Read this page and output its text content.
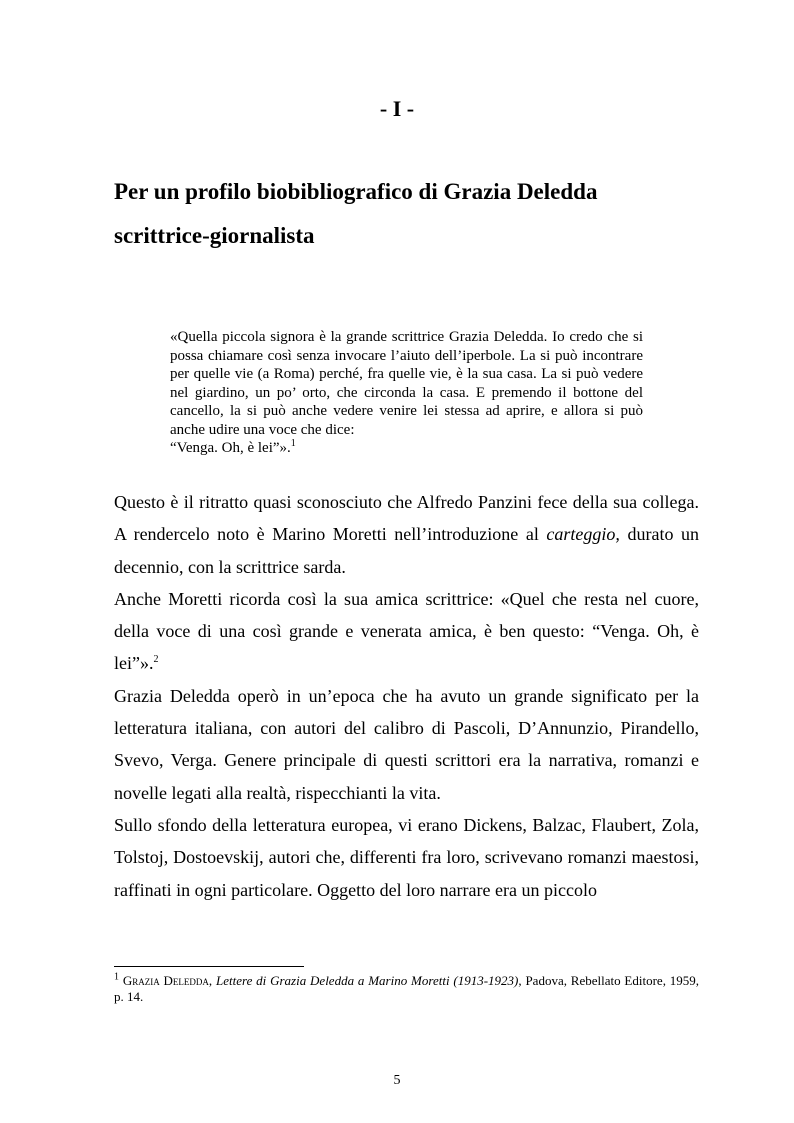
- I -
Per un profilo biobibliografico di Grazia Deledda
scrittrice-giornalista

«Quella piccola signora è la grande scrittrice Grazia Deledda. Io credo che si possa chiamare così senza invocare l’aiuto dell’iperbole. La si può incontrare per quelle vie (a Roma) perché, fra quelle vie, è la sua casa. La si può vedere nel giardino, un po’ orto, che circonda la casa. E premendo il bottone del cancello, la si può anche vedere venire lei stessa ad aprire, e allora si può anche udire una voce che dice:

“Venga. Oh, è lei”».$^1$

Questo è il ritratto quasi sconosciuto che Alfredo Panzini fece della sua collega. A rendercelo noto è Marino Moretti nell’introduzione al carteggio, durato un decennio, con la scrittrice sarda.

Anche Moretti ricorda così la sua amica scrittrice: «Quel che resta nel cuore, della voce di una così grande e venerata amica, è ben questo: “Venga. Oh, è lei”».$^2$

Grazia Deledda operò in un’epoca che ha avuto un grande significato per la letteratura italiana, con autori del calibro di Pascoli, D’Annunzio, Pirandello, Svevo, Verga. Genere principale di questi scrittori era la narrativa, romanzi e novelle legati alla realtà, rispecchianti la vita.

Sullo sfondo della letteratura europea, vi erano Dickens, Balzac, Flaubert, Zola, Tolstoj, Dostoevskij, autori che, differenti fra loro, scrivevano romanzi maestosi, raffinati in ogni particolare. Oggetto del loro narrare era un piccolo

$^1$ Grazia Deledda, Lettere di Grazia Deledda a Marino Moretti (1913-1923), Padova, Rebellato Editore, 1959, p. 14.
5
